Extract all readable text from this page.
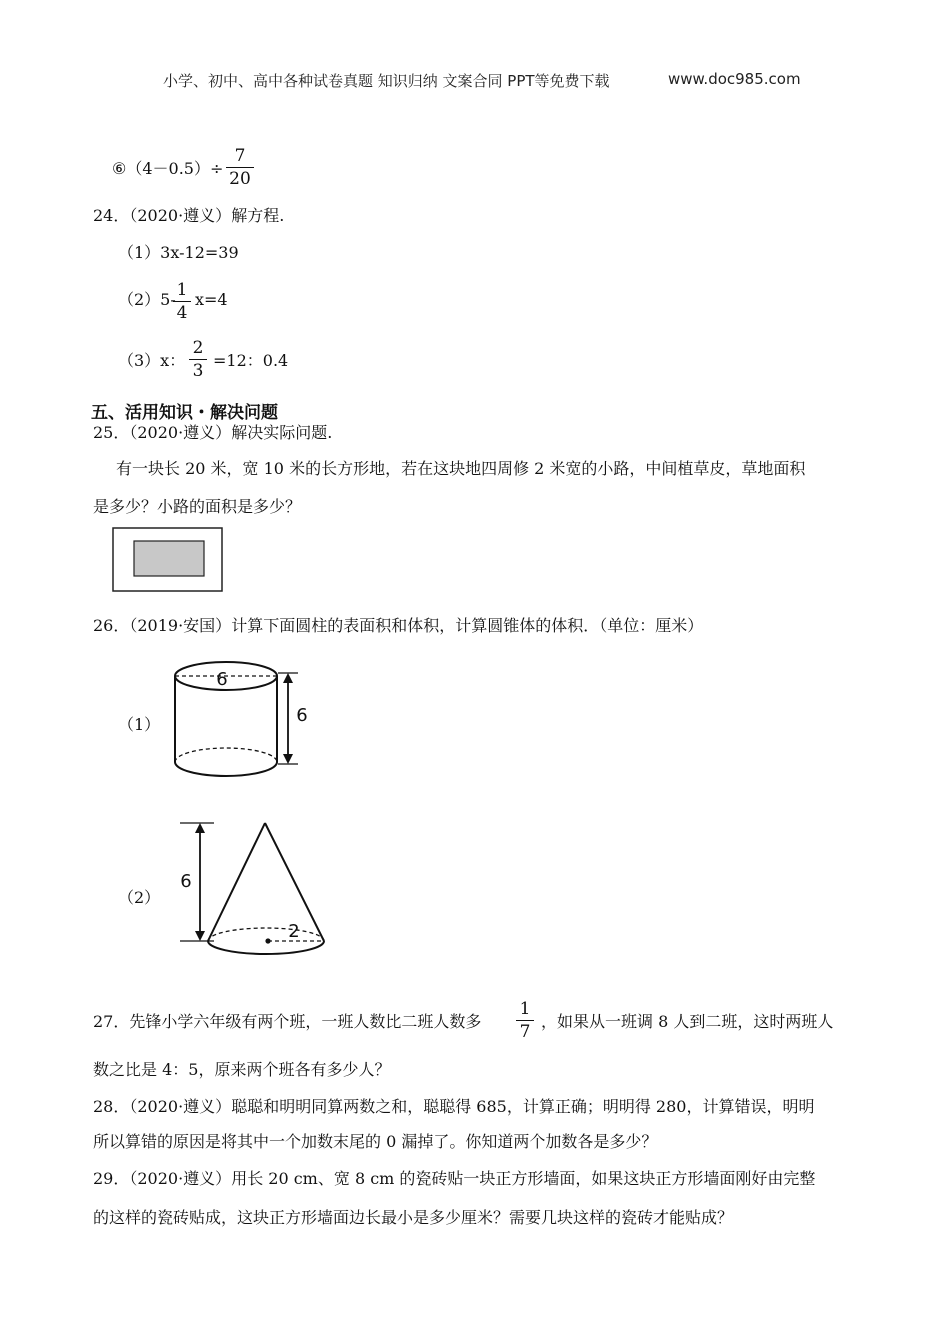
小学、初中、高中各种试卷真题 知识归纳 文案合同 PPT等免费下载	www.doc985.com
⑥（4－0.5）÷
7
20
24．（2020·遵义）解方程.
（1）3x-12=39
（2）5- 1
4
x=4
（3）x：
2
3
=12：0.4
五、活用知识・解决问题
25．（2020·遵义）解决实际问题.
有一块长 20 米，宽 10 米的长方形地，若在这块地四周修 2 米宽的小路，中间植草皮，草地面积
是多少？小路的面积是多少？
26．（2019·安国）计算下面圆柱的表面积和体积，计算圆锥体的体积．（单位：厘米）
（1）
6
6
（2）
6
2
27．先锋小学六年级有两个班，一班人数比二班人数多
1
7
，如果从一班调 8 人到二班，这时两班人
数之比是 4：5，原来两个班各有多少人？
28．（2020·遵义）聪聪和明明同算两数之和，聪聪得 685，计算正确；明明得 280，计算错误，明明
所以算错的原因是将其中一个加数末尾的 0 漏掉了。你知道两个加数各是多少？
29．（2020·遵义）用长 20 cm、宽 8 cm 的瓷砖贴一块正方形墙面，如果这块正方形墙面刚好由完整
的这样的瓷砖贴成，这块正方形墙面边长最小是多少厘米？需要几块这样的瓷砖才能贴成？
